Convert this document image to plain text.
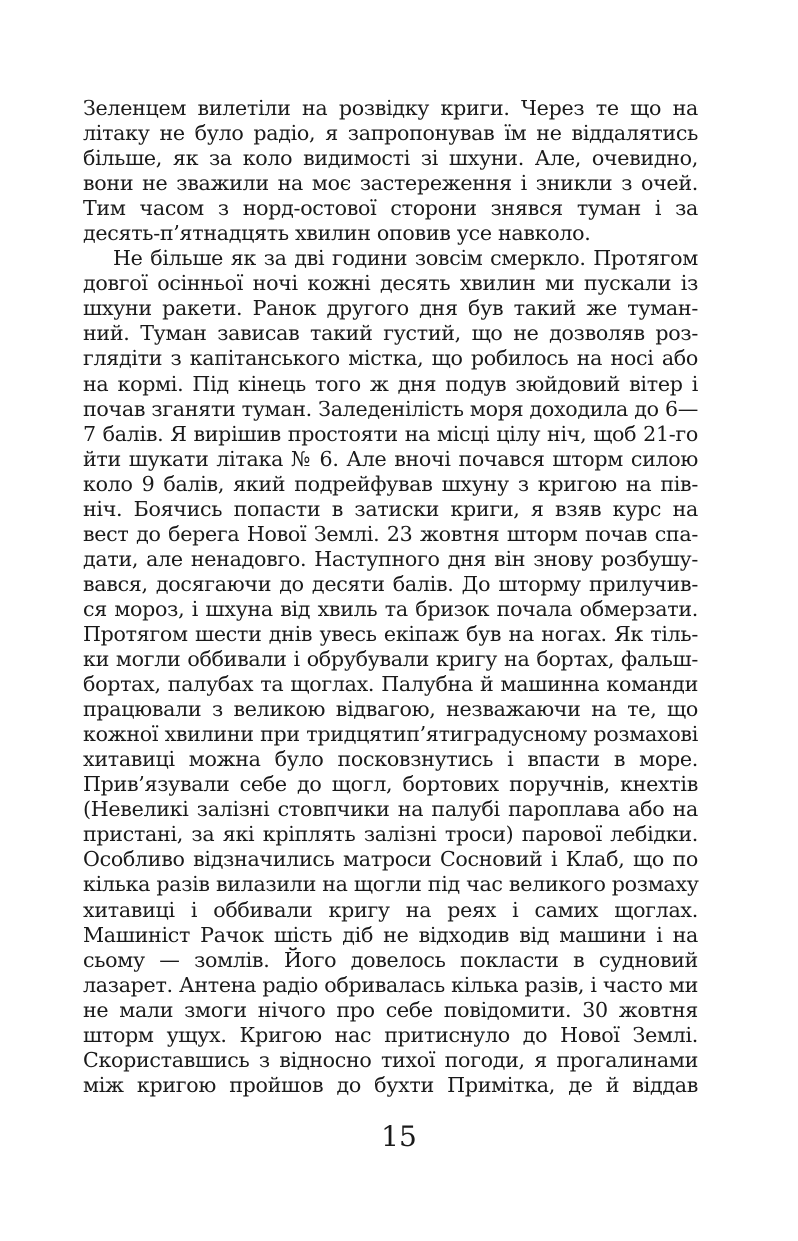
Зеленцем вилетіли на розвідку криги. Через те що на
літаку не було радіо, я запропонував їм не віддалятись
більше, як за коло видимості зі шхуни. Але, очевидно,
вони не зважили на моє застереження і зникли з очей.
Тим часом з норд-остової сторони знявся туман і за
десять-п’ятнадцять хвилин оповив усе навколо.
Не більше як за дві години зовсім смеркло. Протягом
довгої осінньої ночі кожні десять хвилин ми пускали із
шхуни ракети. Ранок другого дня був такий же туман-
ний. Туман зависав такий густий, що не дозволяв роз-
глядіти з капітанського містка, що робилось на носі або
на кормі. Під кінець того ж дня подув зюйдовий вітер і
почав зганяти туман. Заледенілість моря доходила до 6—
7 балів. Я вирішив простояти на місці цілу ніч, щоб 21-го
йти шукати літака № 6. Але вночі почався шторм силою
коло 9 балів, який подрейфував шхуну з кригою на пів-
ніч. Боячись попасти в затиски криги, я взяв курс на
вест до берега Нової Землі. 23 жовтня шторм почав спа-
дати, але ненадовго. Наступного дня він знову розбушу-
вався, досягаючи до десяти балів. До шторму прилучив-
ся мороз, і шхуна від хвиль та бризок почала обмерзати.
Протягом шести днів увесь екіпаж був на ногах. Як тіль-
ки могли оббивали і обрубували кригу на бортах, фальш-
бортах, палубах та щоглах. Палубна й машинна команди
працювали з великою відвагою, незважаючи на те, що
кожної хвилини при тридцятип’ятиградусному розмахові
хитавиці можна було посковзнутись і впасти в море.
Прив’язували себе до щогл, бортових поручнів, кнехтів
(Невеликі залізні стовпчики на палубі пароплава або на
пристані, за які кріплять залізні троси) парової лебідки.
Особливо відзначились матроси Сосновий і Клаб, що по
кілька разів вилазили на щогли під час великого розмаху
хитавиці і оббивали кригу на реях і самих щоглах.
Машиніст Рачок шість діб не відходив від машини і на
сьому — зомлів. Його довелось покласти в судновий
лазарет. Антена радіо обривалась кілька разів, і часто ми
не мали змоги нічого про себе повідомити. 30 жовтня
шторм ущух. Кригою нас притиснуло до Нової Землі.
Скориставшись з відносно тихої погоди, я прогалинами
між кригою пройшов до бухти Примітка, де й віддав
15
